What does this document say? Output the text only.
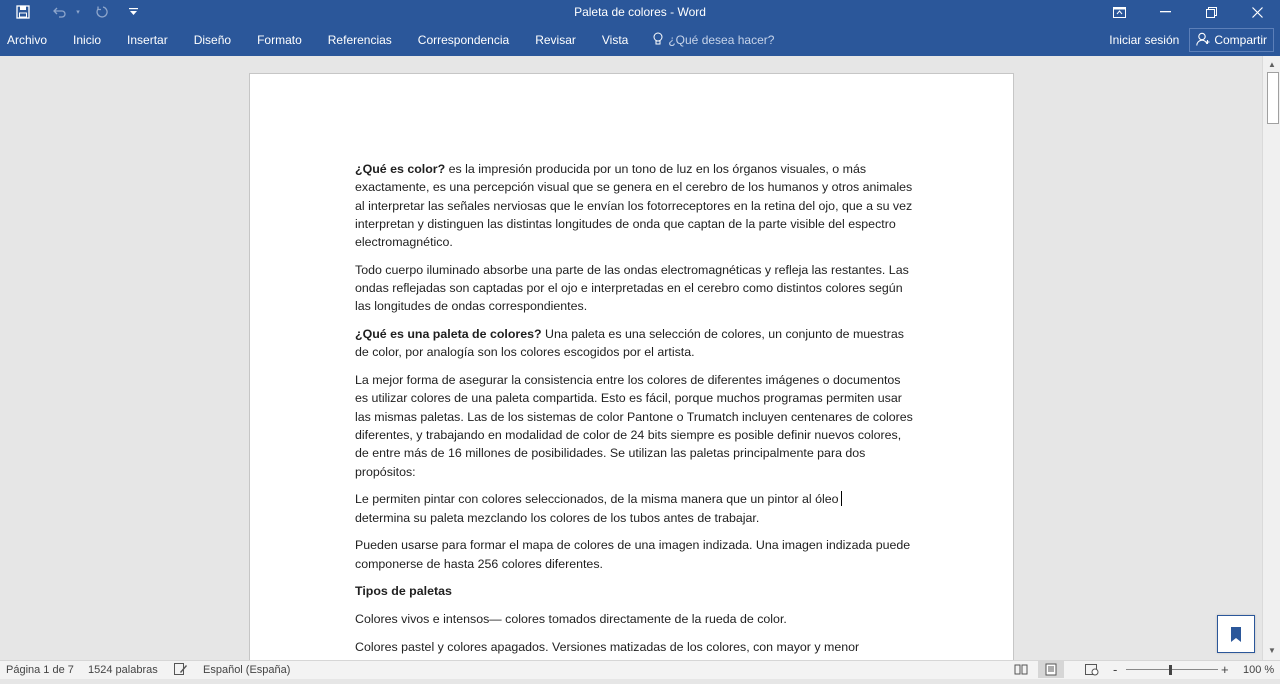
Paleta de colores - Word
▾
Archivo	Inicio	Insertar	Diseño	Formato	Referencias	Correspondencia	Revisar	Vista	¿Qué desea hacer?	Iniciar sesión	Compartir

¿Qué es color? es la impresión producida por un tono de luz en los órganos visuales, o más exactamente, es una percepción visual que se genera en el cerebro de los humanos y otros animales al interpretar las señales nerviosas que le envían los fotorreceptores en la retina del ojo, que a su vez interpretan y distinguen las distintas longitudes de onda que captan de la parte visible del espectro electromagnético.

Todo cuerpo iluminado absorbe una parte de las ondas electromagnéticas y refleja las restantes. Las ondas reflejadas son captadas por el ojo e interpretadas en el cerebro como distintos colores según las longitudes de ondas correspondientes.

¿Qué es una paleta de colores? Una paleta es una selección de colores, un conjunto de muestras de color, por analogía son los colores escogidos por el artista.

La mejor forma de asegurar la consistencia entre los colores de diferentes imágenes o documentos es utilizar colores de una paleta compartida. Esto es fácil, porque muchos programas permiten usar las mismas paletas. Las de los sistemas de color Pantone o Trumatch incluyen centenares de colores diferentes, y trabajando en modalidad de color de 24 bits siempre es posible definir nuevos colores, de entre más de 16 millones de posibilidades. Se utilizan las paletas principalmente para dos propósitos:

Le permiten pintar con colores seleccionados, de la misma manera que un pintor al óleo
determina su paleta mezclando los colores de los tubos antes de trabajar.

Pueden usarse para formar el mapa de colores de una imagen indizada. Una imagen indizada puede componerse de hasta 256 colores diferentes.

Tipos de paletas

Colores vivos e intensos— colores tomados directamente de la rueda de color.

Colores pastel y colores apagados. Versiones matizadas de los colores, con mayor y menor

▲
▼
Página 1 de 7 1524 palabras	Español (España)	-	+ 100 %
